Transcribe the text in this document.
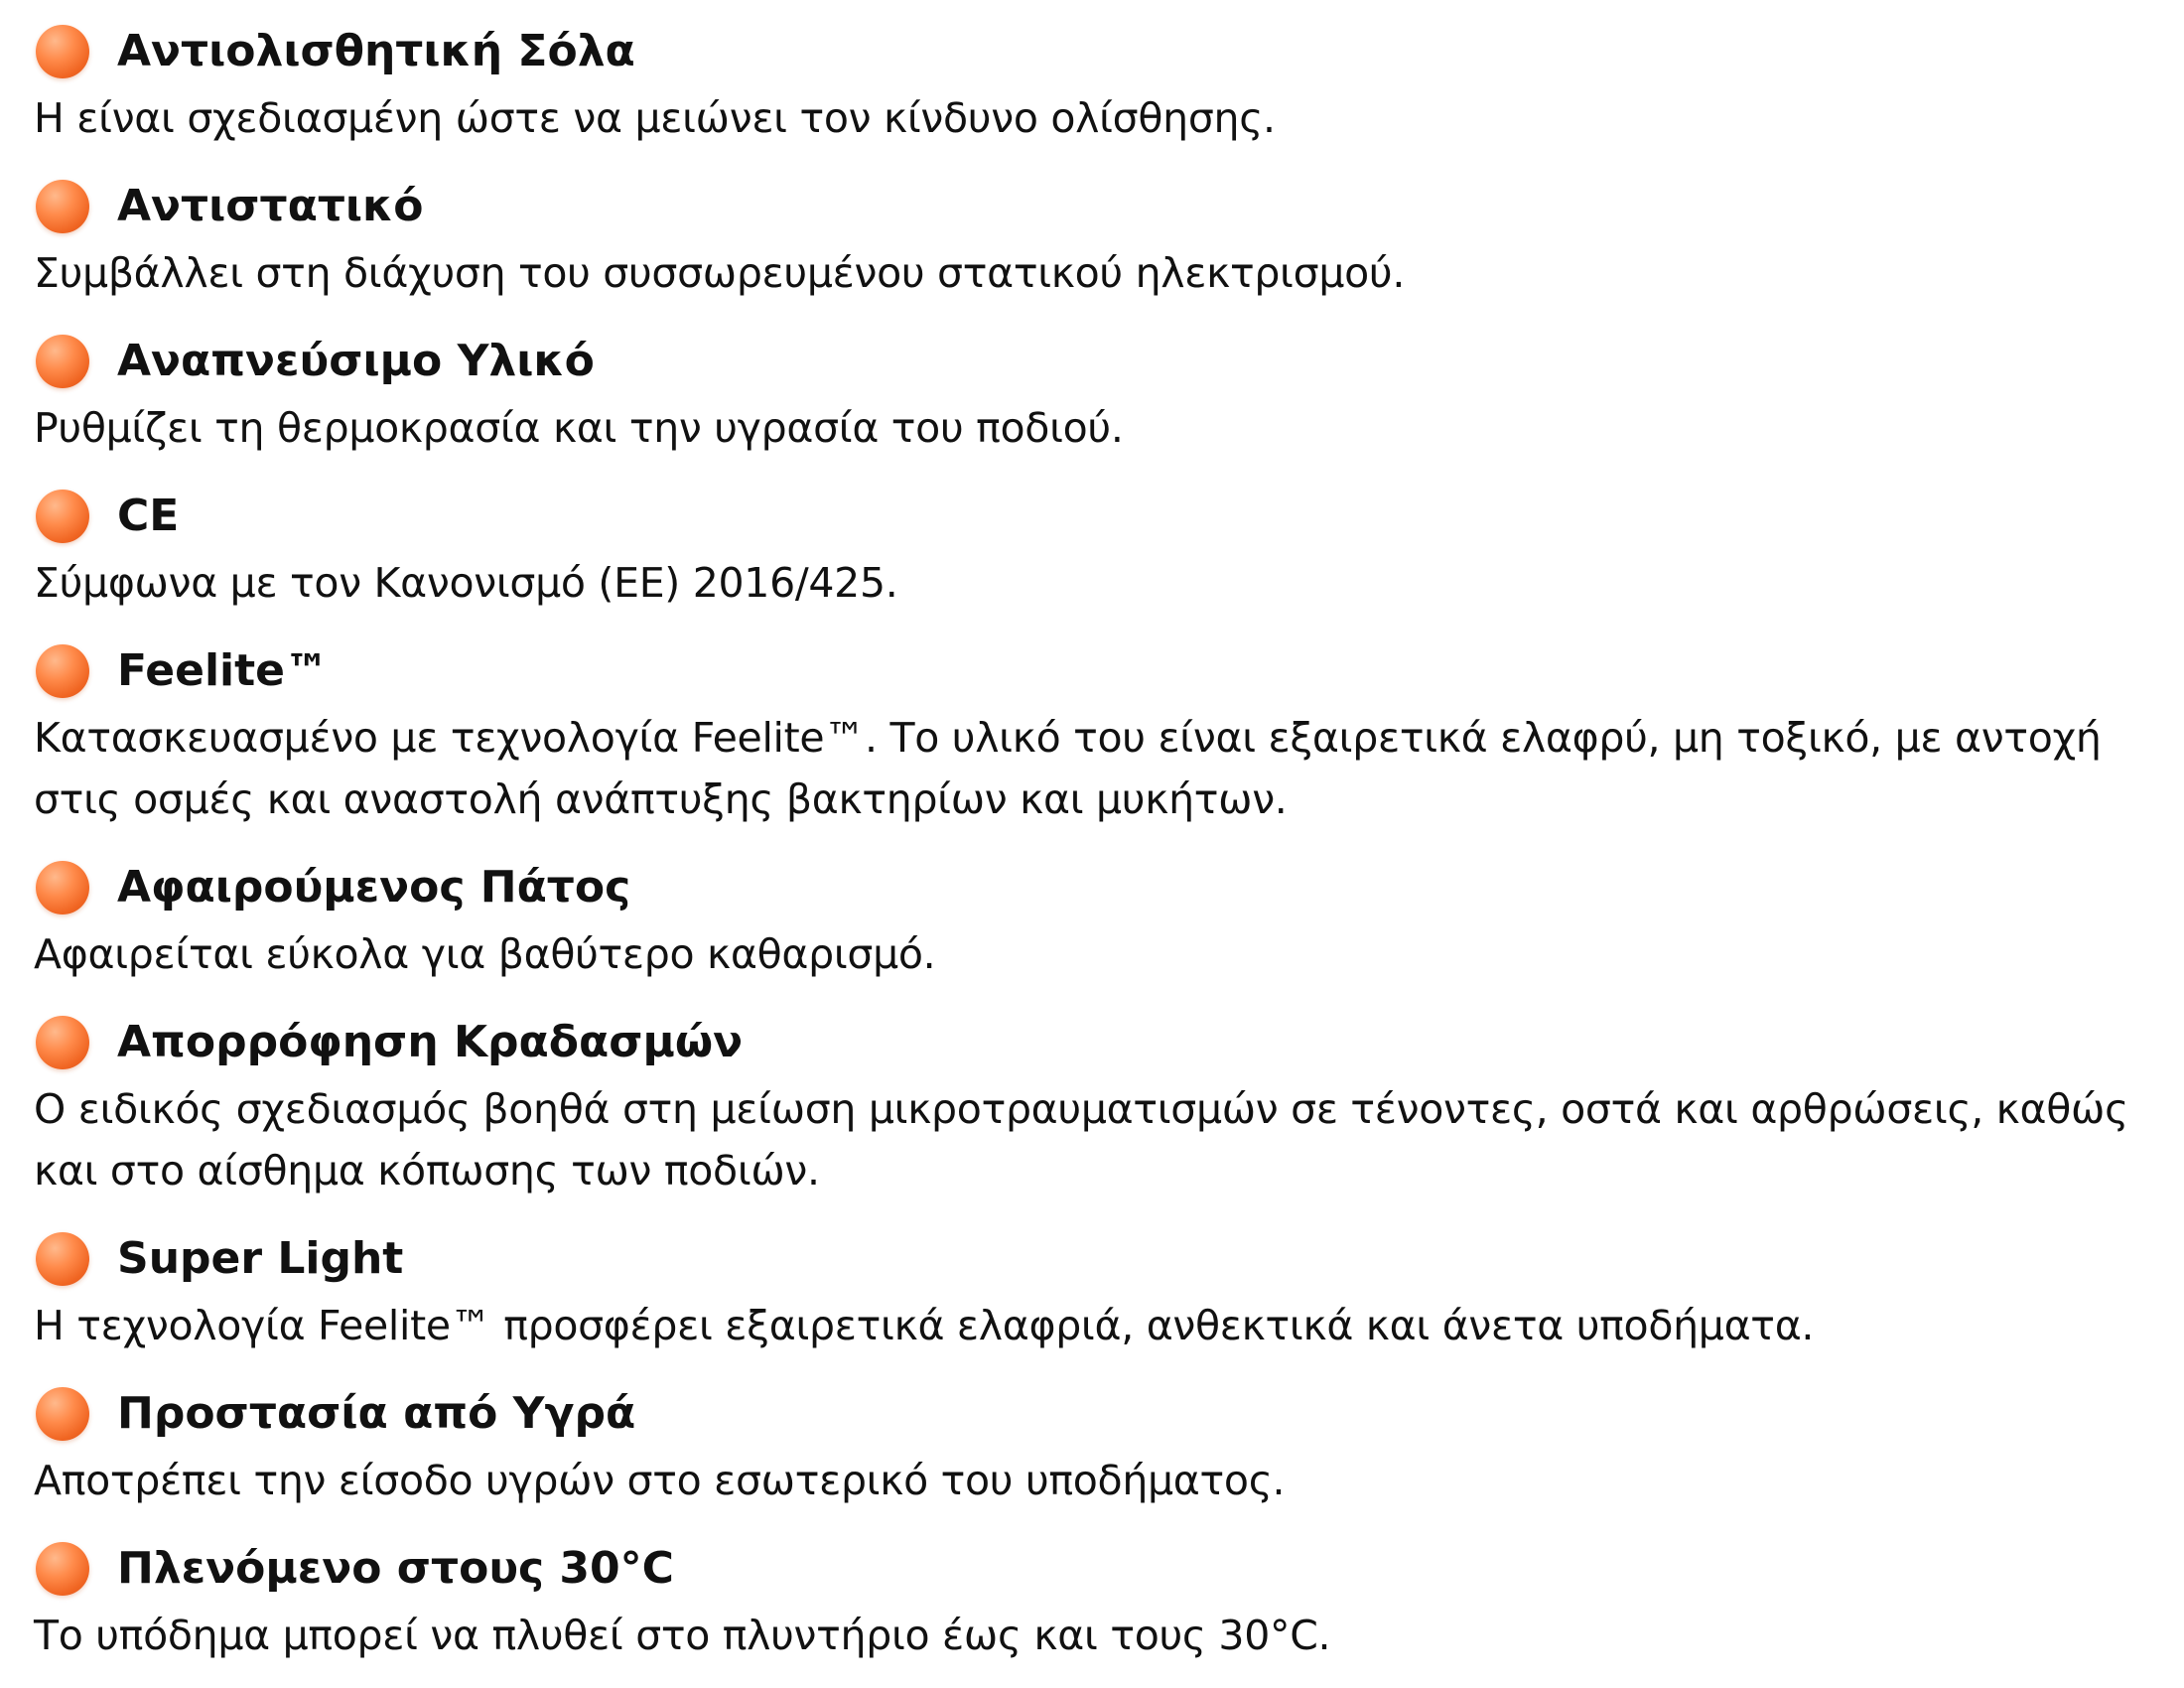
Αντιολισθητική Σόλα

Η είναι σχεδιασμένη ώστε να μειώνει τον κίνδυνο ολίσθησης.

Αντιστατικό

Συμβάλλει στη διάχυση του συσσωρευμένου στατικού ηλεκτρισμού.

Αναπνεύσιμο Υλικό

Ρυθμίζει τη θερμοκρασία και την υγρασία του ποδιού.

CE

Σύμφωνα με τον Κανονισμό (ΕΕ) 2016/425.

Feelite™

Κατασκευασμένο με τεχνολογία Feelite™. Το υλικό του είναι εξαιρετικά ελαφρύ, μη τοξικό, με αντοχή στις οσμές και αναστολή ανάπτυξης βακτηρίων και μυκήτων.

Αφαιρούμενος Πάτος

Αφαιρείται εύκολα για βαθύτερο καθαρισμό.

Απορρόφηση Κραδασμών

Ο ειδικός σχεδιασμός βοηθά στη μείωση μικροτραυματισμών σε τένοντες, οστά και αρθρώσεις, καθώς και στο αίσθημα κόπωσης των ποδιών.

Super Light

Η τεχνολογία Feelite™ προσφέρει εξαιρετικά ελαφριά, ανθεκτικά και άνετα υποδήματα.

Προστασία από Υγρά

Αποτρέπει την είσοδο υγρών στο εσωτερικό του υποδήματος.

Πλενόμενο στους 30°C

Το υπόδημα μπορεί να πλυθεί στο πλυντήριο έως και τους 30°C.
